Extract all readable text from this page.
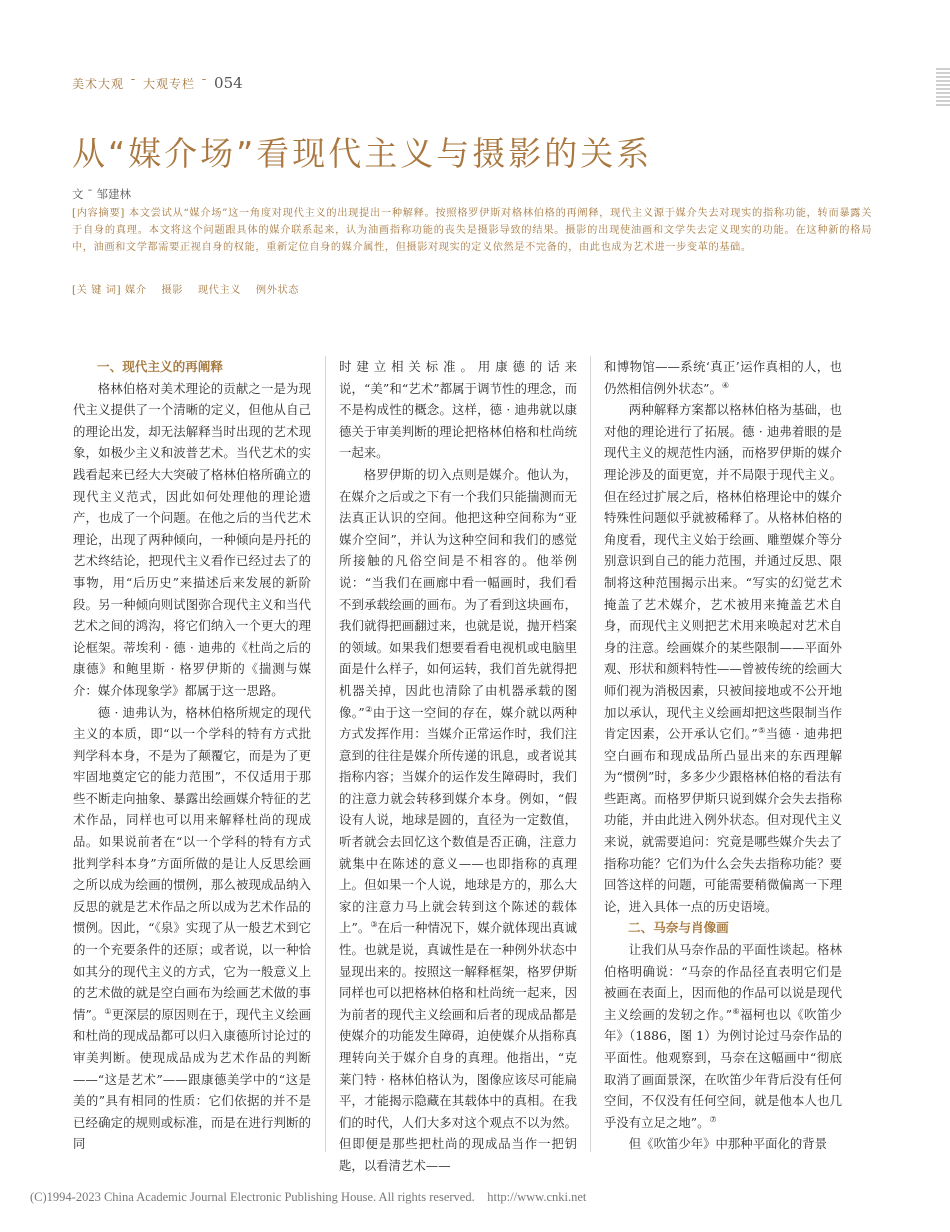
美术大观 ¯ 大观专栏 ¯ 054
从“媒介场”看现代主义与摄影的关系
文 ¯ 邹建林
[内容摘要] 本文尝试从“媒介场”这一角度对现代主义的出现提出一种解释。按照格罗伊斯对格林伯格的再阐释，现代主义源于媒介失去对现实的指称功能，转而暴露关于自身的真理。本文将这个问题跟具体的媒介联系起来，认为油画指称功能的丧失是摄影导致的结果。摄影的出现使油画和文学失去定义现实的功能。在这种新的格局中，油画和文学都需要正视自身的权能，重新定位自身的媒介属性，但摄影对现实的定义依然是不完备的，由此也成为艺术进一步变革的基础。
[关 键 词] 媒介 摄影 现代主义 例外状态
一、现代主义的再阐释

格林伯格对美术理论的贡献之一是为现代主义提供了一个清晰的定义，但他从自己的理论出发，却无法解释当时出现的艺术现象，如极少主义和波普艺术。当代艺术的实践看起来已经大大突破了格林伯格所确立的现代主义范式，因此如何处理他的理论遗产，也成了一个问题。在他之后的当代艺术理论，出现了两种倾向，一种倾向是丹托的艺术终结论，把现代主义看作已经过去了的事物，用“后历史”来描述后来发展的新阶段。另一种倾向则试图弥合现代主义和当代艺术之间的鸿沟，将它们纳入一个更大的理论框架。蒂埃利 · 德 · 迪弗的《杜尚之后的康德》和鲍里斯 · 格罗伊斯的《揣测与媒介：媒介体现象学》都属于这一思路。

德 · 迪弗认为，格林伯格所规定的现代主义的本质，即“以一个学科的特有方式批判学科本身，不是为了颠覆它，而是为了更牢固地奠定它的能力范围”，不仅适用于那些不断走向抽象、暴露出绘画媒介特征的艺术作品，同样也可以用来解释杜尚的现成品。如果说前者在“以一个学科的特有方式批判学科本身”方面所做的是让人反思绘画之所以成为绘画的惯例，那么被现成品纳入反思的就是艺术作品之所以成为艺术作品的惯例。因此，“《泉》实现了从一般艺术到它的一个充要条件的还原；或者说，以一种恰如其分的现代主义的方式，它为一般意义上的艺术做的就是空白画布为绘画艺术做的事情”。①更深层的原因则在于，现代主义绘画和杜尚的现成品都可以归入康德所讨论过的审美判断。使现成品成为艺术作品的判断——“这是艺术”——跟康德美学中的“这是美的”具有相同的性质：它们依据的并不是已经确定的规则或标准，而是在进行判断的同

时建立相关标准。用康德的话来说，“美”和“艺术”都属于调节性的理念，而不是构成性的概念。这样，德 · 迪弗就以康德关于审美判断的理论把格林伯格和杜尚统一起来。

格罗伊斯的切入点则是媒介。他认为，在媒介之后或之下有一个我们只能揣测而无法真正认识的空间。他把这种空间称为“亚媒介空间”，并认为这种空间和我们的感觉所接触的凡俗空间是不相容的。他举例说：“当我们在画廊中看一幅画时，我们看不到承载绘画的画布。为了看到这块画布，我们就得把画翻过来，也就是说，抛开档案的领域。如果我们想要看看电视机或电脑里面是什么样子，如何运转，我们首先就得把机器关掉，因此也清除了由机器承载的图像。”②由于这一空间的存在，媒介就以两种方式发挥作用：当媒介正常运作时，我们注意到的往往是媒介所传递的讯息，或者说其指称内容；当媒介的运作发生障碍时，我们的注意力就会转移到媒介本身。例如，“假设有人说，地球是圆的，直径为一定数值，听者就会去回忆这个数值是否正确，注意力就集中在陈述的意义——也即指称的真理上。但如果一个人说，地球是方的，那么大家的注意力马上就会转到这个陈述的载体上”。③在后一种情况下，媒介就体现出真诚性。也就是说，真诚性是在一种例外状态中显现出来的。按照这一解释框架，格罗伊斯同样也可以把格林伯格和杜尚统一起来，因为前者的现代主义绘画和后者的现成品都是使媒介的功能发生障碍，迫使媒介从指称真理转向关于媒介自身的真理。他指出，“克莱门特 · 格林伯格认为，图像应该尽可能扁平，才能揭示隐藏在其载体中的真相。在我们的时代，人们大多对这个观点不以为然。但即便是那些把杜尚的现成品当作一把钥匙，以看清艺术——

和博物馆——系统‘真正’运作真相的人，也仍然相信例外状态”。④

两种解释方案都以格林伯格为基础，也对他的理论进行了拓展。德 · 迪弗着眼的是现代主义的规范性内涵，而格罗伊斯的媒介理论涉及的面更宽，并不局限于现代主义。但在经过扩展之后，格林伯格理论中的媒介特殊性问题似乎就被稀释了。从格林伯格的角度看，现代主义始于绘画、雕塑媒介等分别意识到自己的能力范围，并通过反思、限制将这种范围揭示出来。“写实的幻觉艺术掩盖了艺术媒介，艺术被用来掩盖艺术自身，而现代主义则把艺术用来唤起对艺术自身的注意。绘画媒介的某些限制——平面外观、形状和颜料特性——曾被传统的绘画大师们视为消极因素，只被间接地或不公开地加以承认，现代主义绘画却把这些限制当作肯定因素，公开承认它们。”⑤当德 · 迪弗把空白画布和现成品所凸显出来的东西理解为“惯例”时，多多少少跟格林伯格的看法有些距离。而格罗伊斯只说到媒介会失去指称功能，并由此进入例外状态。但对现代主义来说，就需要追问：究竟是哪些媒介失去了指称功能？它们为什么会失去指称功能？要回答这样的问题，可能需要稍微偏离一下理论，进入具体一点的历史语境。

二、马奈与肖像画

让我们从马奈作品的平面性谈起。格林伯格明确说：“马奈的作品径直表明它们是被画在表面上，因而他的作品可以说是现代主义绘画的发轫之作。”⑥福柯也以《吹笛少年》（1886，图 1）为例讨论过马奈作品的平面性。他观察到，马奈在这幅画中“彻底取消了画面景深，在吹笛少年背后没有任何空间，不仅没有任何空间，就是他本人也几乎没有立足之地”。⑦

但《吹笛少年》中那种平面化的背景

(C)1994-2023 China Academic Journal Electronic Publishing House. All rights reserved. http://www.cnki.net
